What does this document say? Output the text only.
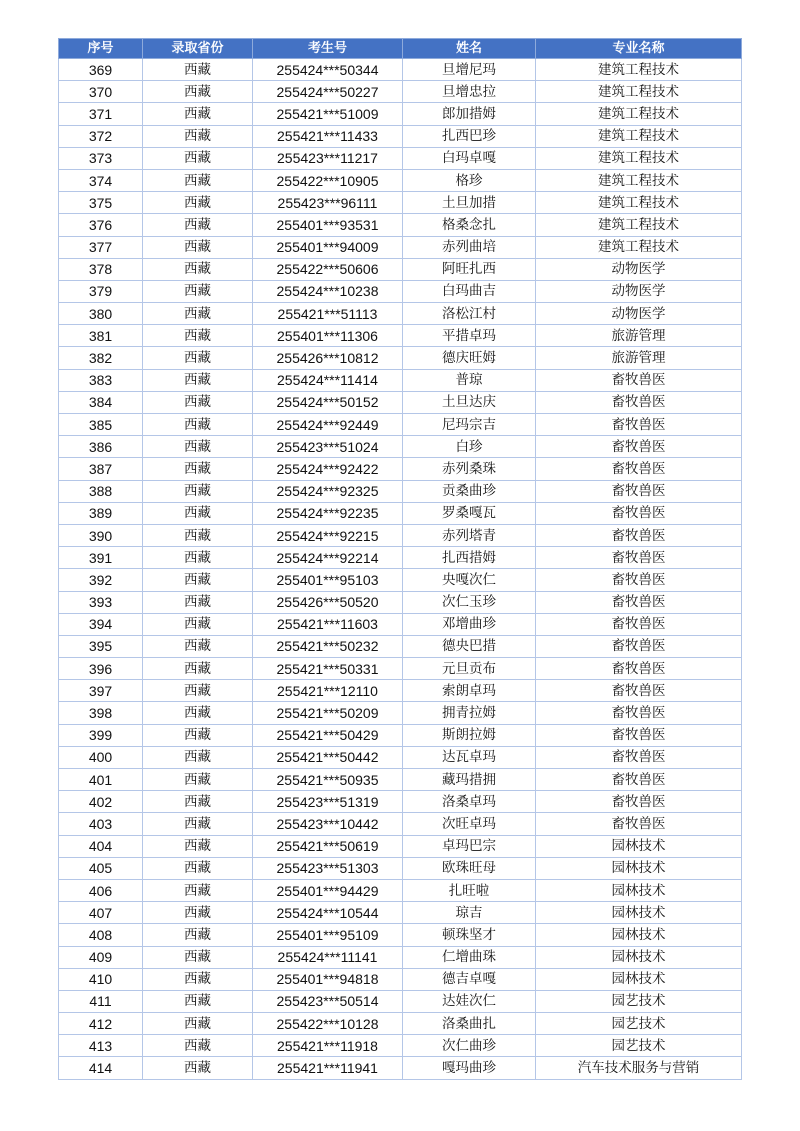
序号	录取省份	考生号	姓名	专业名称
369	西藏	255424***50344	旦增尼玛	建筑工程技术
370	西藏	255424***50227	旦增忠拉	建筑工程技术
371	西藏	255421***51009	郎加措姆	建筑工程技术
372	西藏	255421***11433	扎西巴珍	建筑工程技术
373	西藏	255423***11217	白玛卓嘎	建筑工程技术
374	西藏	255422***10905	格珍	建筑工程技术
375	西藏	255423***96111	土旦加措	建筑工程技术
376	西藏	255401***93531	格桑念扎	建筑工程技术
377	西藏	255401***94009	赤列曲培	建筑工程技术
378	西藏	255422***50606	阿旺扎西	动物医学
379	西藏	255424***10238	白玛曲吉	动物医学
380	西藏	255421***51113	洛松江村	动物医学
381	西藏	255401***11306	平措卓玛	旅游管理
382	西藏	255426***10812	德庆旺姆	旅游管理
383	西藏	255424***11414	普琼	畜牧兽医
384	西藏	255424***50152	土旦达庆	畜牧兽医
385	西藏	255424***92449	尼玛宗吉	畜牧兽医
386	西藏	255423***51024	白珍	畜牧兽医
387	西藏	255424***92422	赤列桑珠	畜牧兽医
388	西藏	255424***92325	贡桑曲珍	畜牧兽医
389	西藏	255424***92235	罗桑嘎瓦	畜牧兽医
390	西藏	255424***92215	赤列塔青	畜牧兽医
391	西藏	255424***92214	扎西措姆	畜牧兽医
392	西藏	255401***95103	央嘎次仁	畜牧兽医
393	西藏	255426***50520	次仁玉珍	畜牧兽医
394	西藏	255421***11603	邓增曲珍	畜牧兽医
395	西藏	255421***50232	德央巴措	畜牧兽医
396	西藏	255421***50331	元旦贡布	畜牧兽医
397	西藏	255421***12110	索朗卓玛	畜牧兽医
398	西藏	255421***50209	拥青拉姆	畜牧兽医
399	西藏	255421***50429	斯朗拉姆	畜牧兽医
400	西藏	255421***50442	达瓦卓玛	畜牧兽医
401	西藏	255421***50935	藏玛措拥	畜牧兽医
402	西藏	255423***51319	洛桑卓玛	畜牧兽医
403	西藏	255423***10442	次旺卓玛	畜牧兽医
404	西藏	255421***50619	卓玛巴宗	园林技术
405	西藏	255423***51303	欧珠旺母	园林技术
406	西藏	255401***94429	扎旺啦	园林技术
407	西藏	255424***10544	琼吉	园林技术
408	西藏	255401***95109	顿珠坚才	园林技术
409	西藏	255424***11141	仁增曲珠	园林技术
410	西藏	255401***94818	德吉卓嘎	园林技术
411	西藏	255423***50514	达娃次仁	园艺技术
412	西藏	255422***10128	洛桑曲扎	园艺技术
413	西藏	255421***11918	次仁曲珍	园艺技术
414	西藏	255421***11941	嘎玛曲珍	汽车技术服务与营销
